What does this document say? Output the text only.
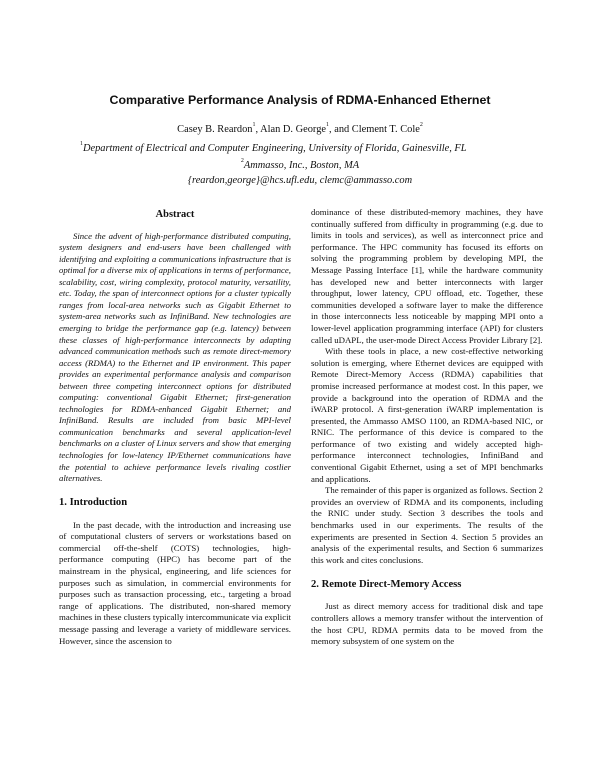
Comparative Performance Analysis of RDMA-Enhanced Ethernet
Casey B. Reardon$^1$, Alan D. George$^1$, and Clement T. Cole$^2$
$^1$Department of Electrical and Computer Engineering, University of Florida, Gainesville, FL
$^2$Ammasso, Inc., Boston, MA
{reardon,george}@hcs.ufl.edu, clemc@ammasso.com
Abstract

Since the advent of high-performance distributed computing, system designers and end-users have been challenged with identifying and exploiting a communications infrastructure that is optimal for a diverse mix of applications in terms of performance, scalability, cost, wiring complexity, protocol maturity, versatility, etc. Today, the span of interconnect options for a cluster typically ranges from local-area networks such as Gigabit Ethernet to system-area networks such as InfiniBand. New technologies are emerging to bridge the performance gap (e.g. latency) between these classes of high-performance interconnects by adapting advanced communication methods such as remote direct-memory access (RDMA) to the Ethernet and IP environment. This paper provides an experimental performance analysis and comparison between three competing interconnect options for distributed computing: conventional Gigabit Ethernet; first-generation technologies for RDMA-enhanced Gigabit Ethernet; and InfiniBand. Results are included from basic MPI-level communication benchmarks and several application-level benchmarks on a cluster of Linux servers and show that emerging technologies for low-latency IP/Ethernet communications have the potential to achieve performance levels rivaling costlier alternatives.

1. Introduction

In the past decade, with the introduction and increasing use of computational clusters of servers or workstations based on commercial off-the-shelf (COTS) technologies, high-performance computing (HPC) has become part of the mainstream in the physical, engineering, and life sciences for purposes such as simulation, in commercial environments for purposes such as transaction processing, etc., targeting a broad range of applications. The distributed, non-shared memory machines in these clusters typically intercommunicate via explicit message passing and leverage a variety of middleware services. However, since the ascension to

dominance of these distributed-memory machines, they have continually suffered from difficulty in programming (e.g. due to limits in tools and services), as well as interconnect price and performance. The HPC community has focused its efforts on solving the programming problem by developing MPI, the Message Passing Interface [1], while the hardware community has developed new and better interconnects with larger throughput, lower latency, CPU offload, etc. Together, these communities developed a software layer to make the difference in those interconnects less noticeable by mapping MPI onto a lower-level application programming interface (API) for clusters called uDAPL, the user-mode Direct Access Provider Library [2].

With these tools in place, a new cost-effective networking solution is emerging, where Ethernet devices are equipped with Remote Direct-Memory Access (RDMA) capabilities that promise increased performance at modest cost. In this paper, we provide a background into the operation of RDMA and the iWARP protocol. A first-generation iWARP implementation is presented, the Ammasso AMSO 1100, an RDMA-based NIC, or RNIC. The performance of this device is compared to the performance of two existing and widely accepted high-performance interconnect technologies, InfiniBand and conventional Gigabit Ethernet, using a set of MPI benchmarks and applications.

The remainder of this paper is organized as follows. Section 2 provides an overview of RDMA and its components, including the RNIC under study. Section 3 describes the tools and benchmarks used in our experiments. The results of the experiments are presented in Section 4. Section 5 provides an analysis of the experimental results, and Section 6 summarizes this work and cites conclusions.

2. Remote Direct-Memory Access

Just as direct memory access for traditional disk and tape controllers allows a memory transfer without the intervention of the host CPU, RDMA permits data to be moved from the memory subsystem of one system on the
